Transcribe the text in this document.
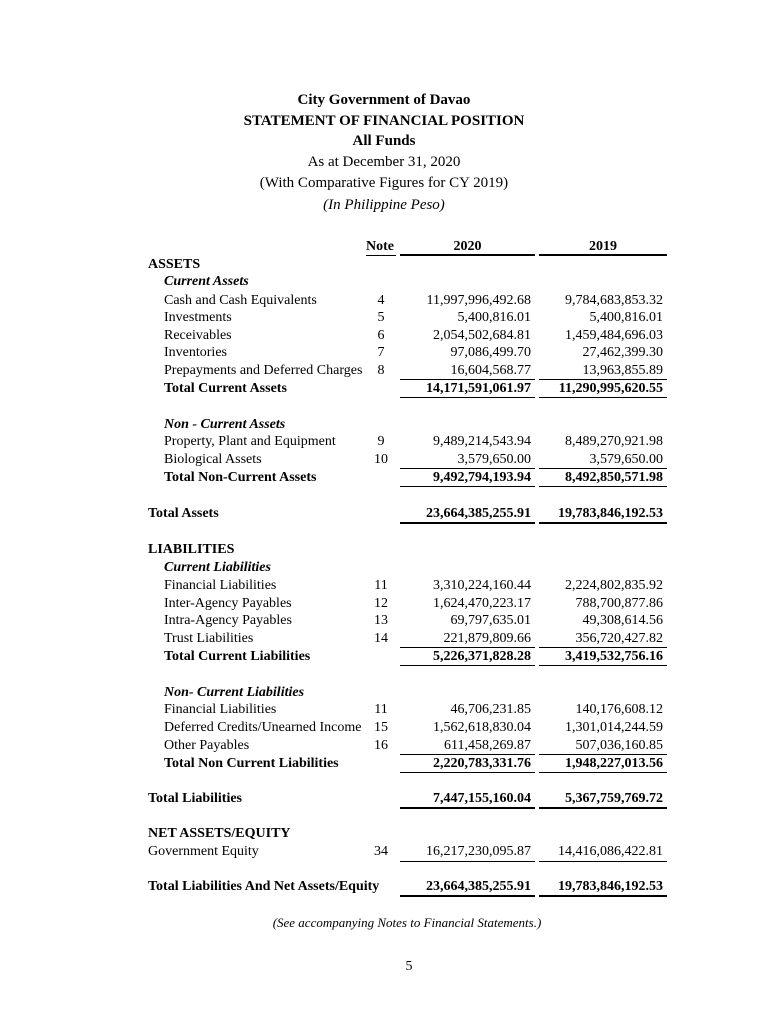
City Government of Davao
STATEMENT OF FINANCIAL POSITION
All Funds
As at December 31, 2020
(With Comparative Figures for CY 2019)
(In Philippine Peso)
Note	2020	2019
ASSETS
Current Assets
Cash and Cash Equivalents	4	11,997,996,492.68	9,784,683,853.32
Investments	5	5,400,816.01	5,400,816.01
Receivables	6	2,054,502,684.81	1,459,484,696.03
Inventories	7	97,086,499.70	27,462,399.30
Prepayments and Deferred Charges	8	16,604,568.77	13,963,855.89
Total Current Assets	14,171,591,061.97	11,290,995,620.55
Non - Current Assets
Property, Plant and Equipment	9	9,489,214,543.94	8,489,270,921.98
Biological Assets	10	3,579,650.00	3,579,650.00
Total Non-Current Assets	9,492,794,193.94	8,492,850,571.98
Total Assets	23,664,385,255.91	19,783,846,192.53
LIABILITIES
Current Liabilities
Financial Liabilities	11	3,310,224,160.44	2,224,802,835.92
Inter-Agency Payables	12	1,624,470,223.17	788,700,877.86
Intra-Agency Payables	13	69,797,635.01	49,308,614.56
Trust Liabilities	14	221,879,809.66	356,720,427.82
Total Current Liabilities	5,226,371,828.28	3,419,532,756.16
Non- Current Liabilities
Financial Liabilities	11	46,706,231.85	140,176,608.12
Deferred Credits/Unearned Income 15	1,562,618,830.04	1,301,014,244.59
Other Payables	16	611,458,269.87	507,036,160.85
Total Non Current Liabilities	2,220,783,331.76	1,948,227,013.56
Total Liabilities	7,447,155,160.04	5,367,759,769.72
NET ASSETS/EQUITY
Government Equity	34	16,217,230,095.87	14,416,086,422.81
Total Liabilities And Net Assets/Equity	23,664,385,255.91	19,783,846,192.53
(See accompanying Notes to Financial Statements.)
5
